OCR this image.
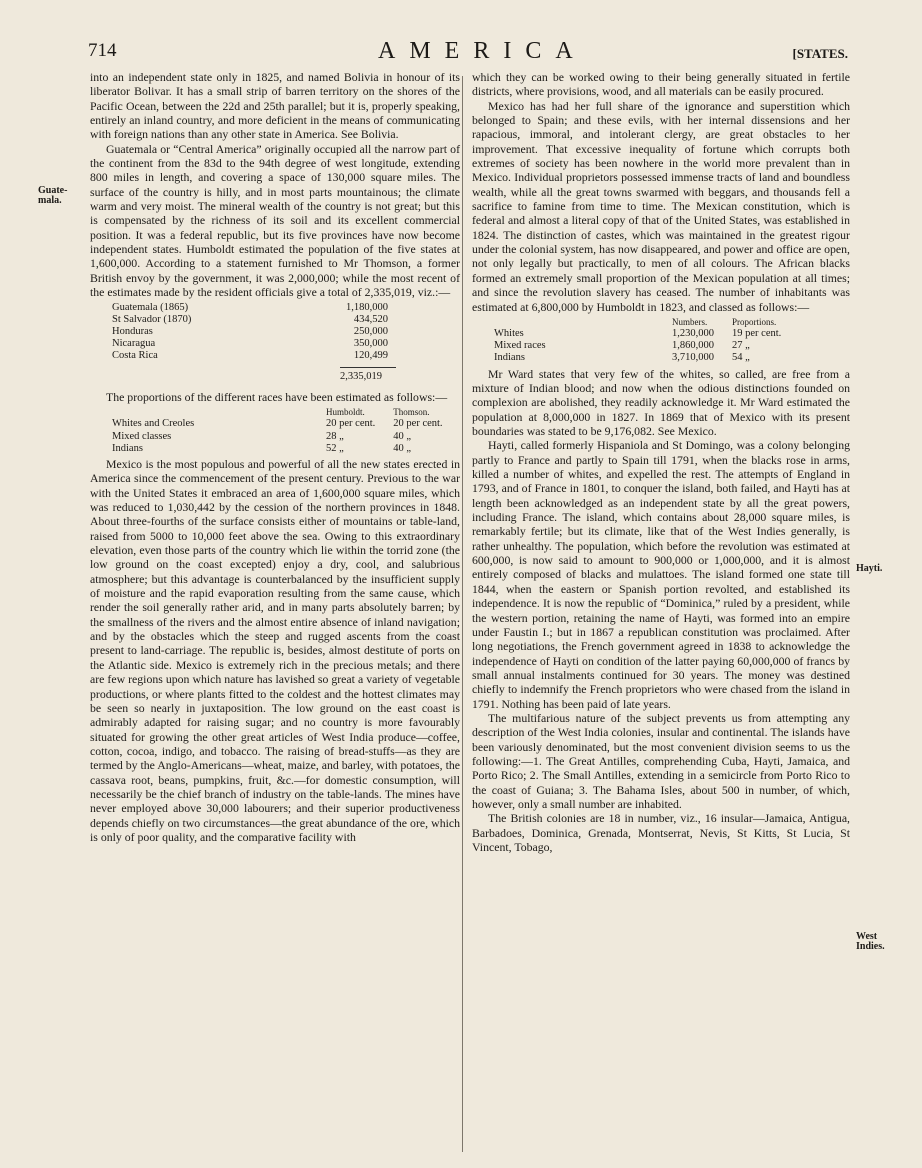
714	AMERICA	[STATES.
Guate-
mala.
Hayti.
West
Indies.

into an independent state only in 1825, and named Bolivia in honour of its liberator Bolivar. It has a small strip of barren territory on the shores of the Pacific Ocean, between the 22d and 25th parallel; but it is, properly speaking, entirely an inland country, and more deficient in the means of communicating with foreign nations than any other state in America. See Bolivia.

Guatemala or “Central America” originally occupied all the narrow part of the continent from the 83d to the 94th degree of west longitude, extending 800 miles in length, and covering a space of 130,000 square miles. The surface of the country is hilly, and in most parts mountainous; the climate warm and very moist. The mineral wealth of the country is not great; but this is compensated by the richness of its soil and its excellent commercial position. It was a federal republic, but its five provinces have now become independent states. Humboldt estimated the population of the five states at 1,600,000. According to a statement furnished to Mr Thomson, a former British envoy by the government, it was 2,000,000; while the most recent of the estimates made by the resident officials give a total of 2,335,019, viz.:—

Guatemala (1865)	1,180,000
St Salvador (1870)	434,520
Honduras	250,000
Nicaragua	350,000
Costa Rica	120,499
2,335,019

The proportions of the different races have been estimated as follows:—

	Humboldt.	Thomson.
Whites and Creoles	20 per cent.	20 per cent.
Mixed classes	28 „	40 „
Indians	52 „	40 „

Mexico is the most populous and powerful of all the new states erected in America since the commencement of the present century. Previous to the war with the United States it embraced an area of 1,600,000 square miles, which was reduced to 1,030,442 by the cession of the northern provinces in 1848. About three-fourths of the surface consists either of mountains or table-land, raised from 5000 to 10,000 feet above the sea. Owing to this extraordinary elevation, even those parts of the country which lie within the torrid zone (the low ground on the coast excepted) enjoy a dry, cool, and salubrious atmosphere; but this advantage is counterbalanced by the insufficient supply of moisture and the rapid evaporation resulting from the same cause, which render the soil generally rather arid, and in many parts absolutely barren; by the smallness of the rivers and the almost entire absence of inland navigation; and by the obstacles which the steep and rugged ascents from the coast present to land-carriage. The republic is, besides, almost destitute of ports on the Atlantic side. Mexico is extremely rich in the precious metals; and there are few regions upon which nature has lavished so great a variety of vegetable productions, or where plants fitted to the coldest and the hottest climates may be seen so nearly in juxtaposition. The low ground on the east coast is admirably adapted for raising sugar; and no country is more favourably situated for growing the other great articles of West India produce—coffee, cotton, cocoa, indigo, and tobacco. The raising of bread-stuffs—as they are termed by the Anglo-Americans—wheat, maize, and barley, with potatoes, the cassava root, beans, pumpkins, fruit, &c.—for domestic consumption, will necessarily be the chief branch of industry on the table-lands. The mines have never employed above 30,000 labourers; and their superior productiveness depends chiefly on two circumstances—the great abundance of the ore, which is only of poor quality, and the comparative facility with

which they can be worked owing to their being generally situated in fertile districts, where provisions, wood, and all materials can be easily procured.

Mexico has had her full share of the ignorance and superstition which belonged to Spain; and these evils, with her internal dissensions and her rapacious, immoral, and intolerant clergy, are great obstacles to her improvement. That excessive inequality of fortune which corrupts both extremes of society has been nowhere in the world more prevalent than in Mexico. Individual proprietors possessed immense tracts of land and boundless wealth, while all the great towns swarmed with beggars, and thousands fell a sacrifice to famine from time to time. The Mexican constitution, which is federal and almost a literal copy of that of the United States, was established in 1824. The distinction of castes, which was maintained in the greatest rigour under the colonial system, has now disappeared, and power and office are open, not only legally but practically, to men of all colours. The African blacks formed an extremely small proportion of the Mexican population at all times; and since the revolution slavery has ceased. The number of inhabitants was estimated at 6,800,000 by Humboldt in 1823, and classed as follows:—

	Numbers.	Proportions.
Whites	1,230,000	19 per cent.
Mixed races	1,860,000	27 „
Indians	3,710,000	54 „

Mr Ward states that very few of the whites, so called, are free from a mixture of Indian blood; and now when the odious distinctions founded on complexion are abolished, they readily acknowledge it. Mr Ward estimated the population at 8,000,000 in 1827. In 1869 that of Mexico with its present boundaries was stated to be 9,176,082. See Mexico.

Hayti, called formerly Hispaniola and St Domingo, was a colony belonging partly to France and partly to Spain till 1791, when the blacks rose in arms, killed a number of whites, and expelled the rest. The attempts of England in 1793, and of France in 1801, to conquer the island, both failed, and Hayti has at length been acknowledged as an independent state by all the great powers, including France. The island, which contains about 28,000 square miles, is remarkably fertile; but its climate, like that of the West Indies generally, is rather unhealthy. The population, which before the revolution was estimated at 600,000, is now said to amount to 900,000 or 1,000,000, and it is almost entirely composed of blacks and mulattoes. The island formed one state till 1844, when the eastern or Spanish portion revolted, and established its independence. It is now the republic of “Dominica,” ruled by a president, while the western portion, retaining the name of Hayti, was formed into an empire under Faustin I.; but in 1867 a republican constitution was proclaimed. After long negotiations, the French government agreed in 1838 to acknowledge the independence of Hayti on condition of the latter paying 60,000,000 of francs by small annual instalments continued for 30 years. The money was destined chiefly to indemnify the French proprietors who were chased from the island in 1791. Nothing has been paid of late years.

The multifarious nature of the subject prevents us from attempting any description of the West India colonies, insular and continental. The islands have been variously denominated, but the most convenient division seems to us the following:—1. The Great Antilles, comprehending Cuba, Hayti, Jamaica, and Porto Rico; 2. The Small Antilles, extending in a semicircle from Porto Rico to the coast of Guiana; 3. The Bahama Isles, about 500 in number, of which, however, only a small number are inhabited.

The British colonies are 18 in number, viz., 16 insular—Jamaica, Antigua, Barbadoes, Dominica, Grenada, Montserrat, Nevis, St Kitts, St Lucia, St Vincent, Tobago,
